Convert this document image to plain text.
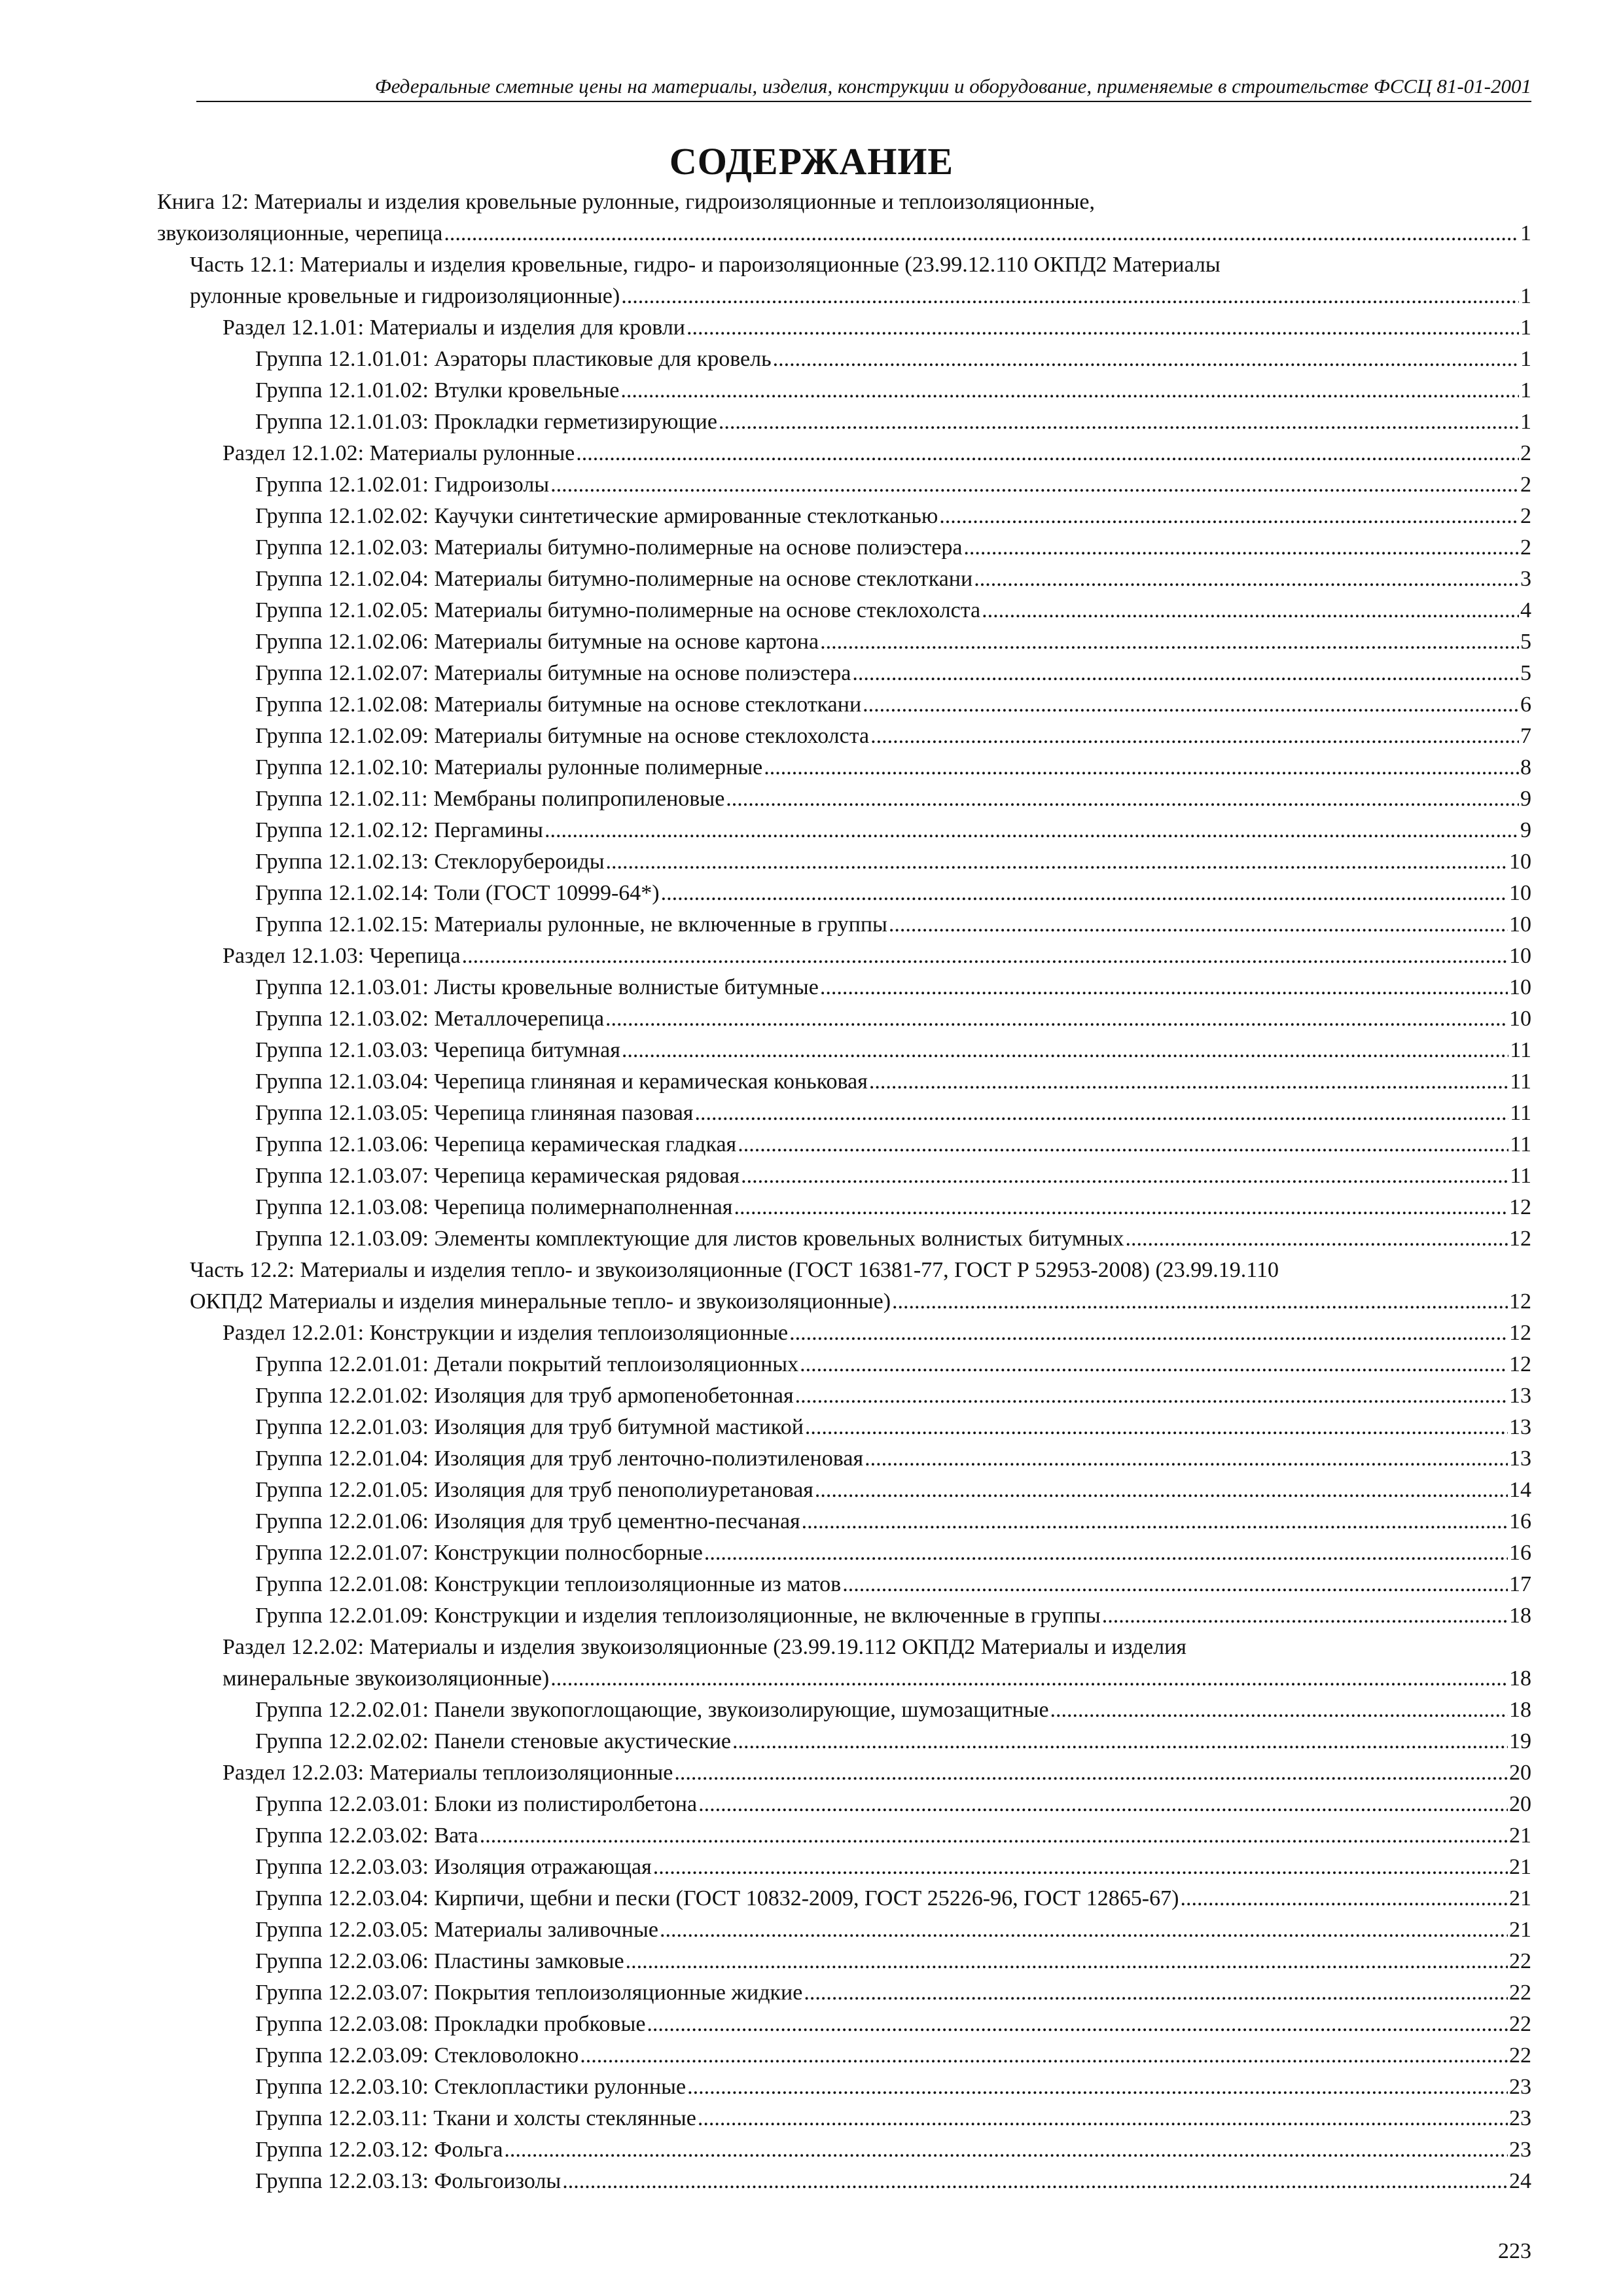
Федеральные сметные цены на материалы, изделия, конструкции и оборудование, применяемые в строительстве ФССЦ 81-01-2001
СОДЕРЖАНИЕ
Книга 12: Материалы и изделия кровельные рулонные, гидроизоляционные и теплоизоляционные,
звукоизоляционные, черепица .....	1
Часть 12.1: Материалы и изделия кровельные, гидро- и пароизоляционные (23.99.12.110 ОКПД2 Материалы
рулонные кровельные и гидроизоляционные) .....	1
Раздел 12.1.01: Материалы и изделия для кровли .....	1
Группа 12.1.01.01: Аэраторы пластиковые для кровель .....	1
Группа 12.1.01.02: Втулки кровельные .....	1
Группа 12.1.01.03: Прокладки герметизирующие .....	1
Раздел 12.1.02: Материалы рулонные .....	2
Группа 12.1.02.01: Гидроизолы .....	2
Группа 12.1.02.02: Каучуки синтетические армированные стеклотканью .....	2
Группа 12.1.02.03: Материалы битумно-полимерные на основе полиэстера .....	2
Группа 12.1.02.04: Материалы битумно-полимерные на основе стеклоткани .....	3
Группа 12.1.02.05: Материалы битумно-полимерные на основе стеклохолста .....	4
Группа 12.1.02.06: Материалы битумные на основе картона .....	5
Группа 12.1.02.07: Материалы битумные на основе полиэстера .....	5
Группа 12.1.02.08: Материалы битумные на основе стеклоткани .....	6
Группа 12.1.02.09: Материалы битумные на основе стеклохолста .....	7
Группа 12.1.02.10: Материалы рулонные полимерные .....	8
Группа 12.1.02.11: Мембраны полипропиленовые .....	9
Группа 12.1.02.12: Пергамины .....	9
Группа 12.1.02.13: Стеклорубероиды .....	10
Группа 12.1.02.14: Толи (ГОСТ 10999-64*) .....	10
Группа 12.1.02.15: Материалы рулонные, не включенные в группы .....	10
Раздел 12.1.03: Черепица .....	10
Группа 12.1.03.01: Листы кровельные волнистые битумные .....	10
Группа 12.1.03.02: Металлочерепица .....	10
Группа 12.1.03.03: Черепица битумная .....	11
Группа 12.1.03.04: Черепица глиняная и керамическая коньковая .....	11
Группа 12.1.03.05: Черепица глиняная пазовая .....	11
Группа 12.1.03.06: Черепица керамическая гладкая .....	11
Группа 12.1.03.07: Черепица керамическая рядовая .....	11
Группа 12.1.03.08: Черепица полимернаполненная .....	12
Группа 12.1.03.09: Элементы комплектующие для листов кровельных волнистых битумных .....	12
Часть 12.2: Материалы и изделия тепло- и звукоизоляционные (ГОСТ 16381-77, ГОСТ Р 52953-2008) (23.99.19.110
ОКПД2 Материалы и изделия минеральные тепло- и звукоизоляционные) .....	12
Раздел 12.2.01: Конструкции и изделия теплоизоляционные .....	12
Группа 12.2.01.01: Детали покрытий теплоизоляционных .....	12
Группа 12.2.01.02: Изоляция для труб армопенобетонная .....	13
Группа 12.2.01.03: Изоляция для труб битумной мастикой .....	13
Группа 12.2.01.04: Изоляция для труб ленточно-полиэтиленовая .....	13
Группа 12.2.01.05: Изоляция для труб пенополиуретановая .....	14
Группа 12.2.01.06: Изоляция для труб цементно-песчаная .....	16
Группа 12.2.01.07: Конструкции полносборные .....	16
Группа 12.2.01.08: Конструкции теплоизоляционные из матов .....	17
Группа 12.2.01.09: Конструкции и изделия теплоизоляционные, не включенные в группы .....	18
Раздел 12.2.02: Материалы и изделия звукоизоляционные (23.99.19.112 ОКПД2 Материалы и изделия
минеральные звукоизоляционные) .....	18
Группа 12.2.02.01: Панели звукопоглощающие, звукоизолирующие, шумозащитные .....	18
Группа 12.2.02.02: Панели стеновые акустические .....	19
Раздел 12.2.03: Материалы теплоизоляционные .....	20
Группа 12.2.03.01: Блоки из полистиролбетона .....	20
Группа 12.2.03.02: Вата .....	21
Группа 12.2.03.03: Изоляция отражающая .....	21
Группа 12.2.03.04: Кирпичи, щебни и пески (ГОСТ 10832-2009, ГОСТ 25226-96, ГОСТ 12865-67) .....	21
Группа 12.2.03.05: Материалы заливочные .....	21
Группа 12.2.03.06: Пластины замковые .....	22
Группа 12.2.03.07: Покрытия теплоизоляционные жидкие .....	22
Группа 12.2.03.08: Прокладки пробковые .....	22
Группа 12.2.03.09: Стекловолокно .....	22
Группа 12.2.03.10: Стеклопластики рулонные .....	23
Группа 12.2.03.11: Ткани и холсты стеклянные .....	23
Группа 12.2.03.12: Фольга .....	23
Группа 12.2.03.13: Фольгоизолы .....	24
223
